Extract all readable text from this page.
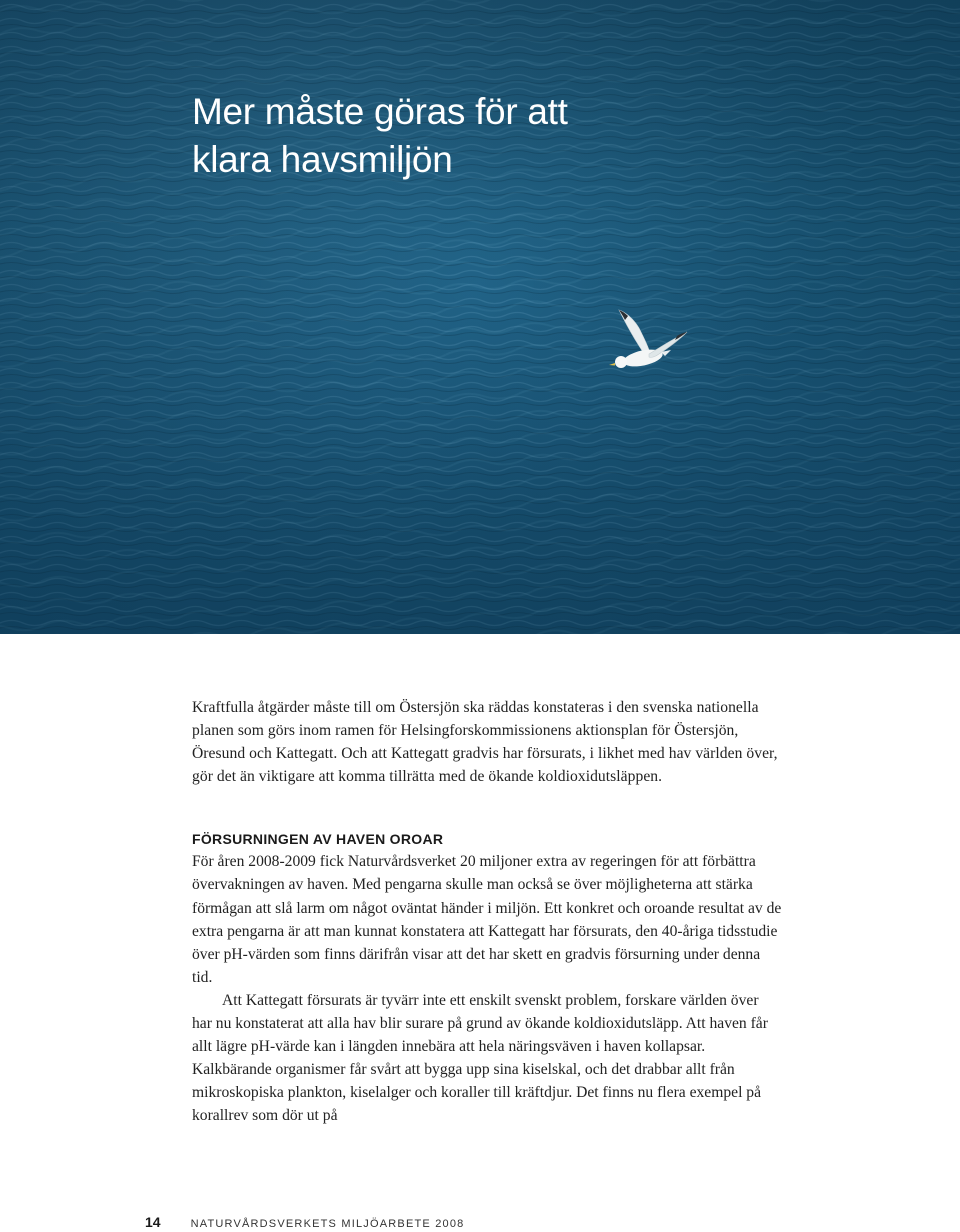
Mer måste göras för att
klara havsmiljön

Kraftfulla åtgärder måste till om Östersjön ska räddas konstateras i den svenska nationella planen som görs inom ramen för Helsingforskommissionens aktionsplan för Östersjön, Öresund och Kattegatt. Och att Kattegatt gradvis har försurats, i likhet med hav världen över, gör det än viktigare att komma tillrätta med de ökande koldioxidutsläppen.

FÖRSURNINGEN AV HAVEN OROAR

För åren 2008-2009 fick Naturvårdsverket 20 miljoner extra av regeringen för att förbättra övervakningen av haven. Med pengarna skulle man också se över möjligheterna att stärka förmågan att slå larm om något oväntat händer i miljön. Ett konkret och oroande resultat av de extra pengarna är att man kunnat konstatera att Kattegatt har försurats, den 40-åriga tidsstudie över pH-värden som finns därifrån visar att det har skett en gradvis försurning under denna tid.

Att Kattegatt försurats är tyvärr inte ett enskilt svenskt problem, forskare världen över har nu konstaterat att alla hav blir surare på grund av ökande koldioxidutsläpp. Att haven får allt lägre pH-värde kan i längden innebära att hela näringsväven i haven kollapsar. Kalkbärande organismer får svårt att bygga upp sina kiselskal, och det drabbar allt från mikroskopiska plankton, kiselalger och koraller till kräftdjur. Det finns nu flera exempel på korallrev som dör ut på

14	NATURVÅRDSVERKETS MILJÖARBETE 2008
